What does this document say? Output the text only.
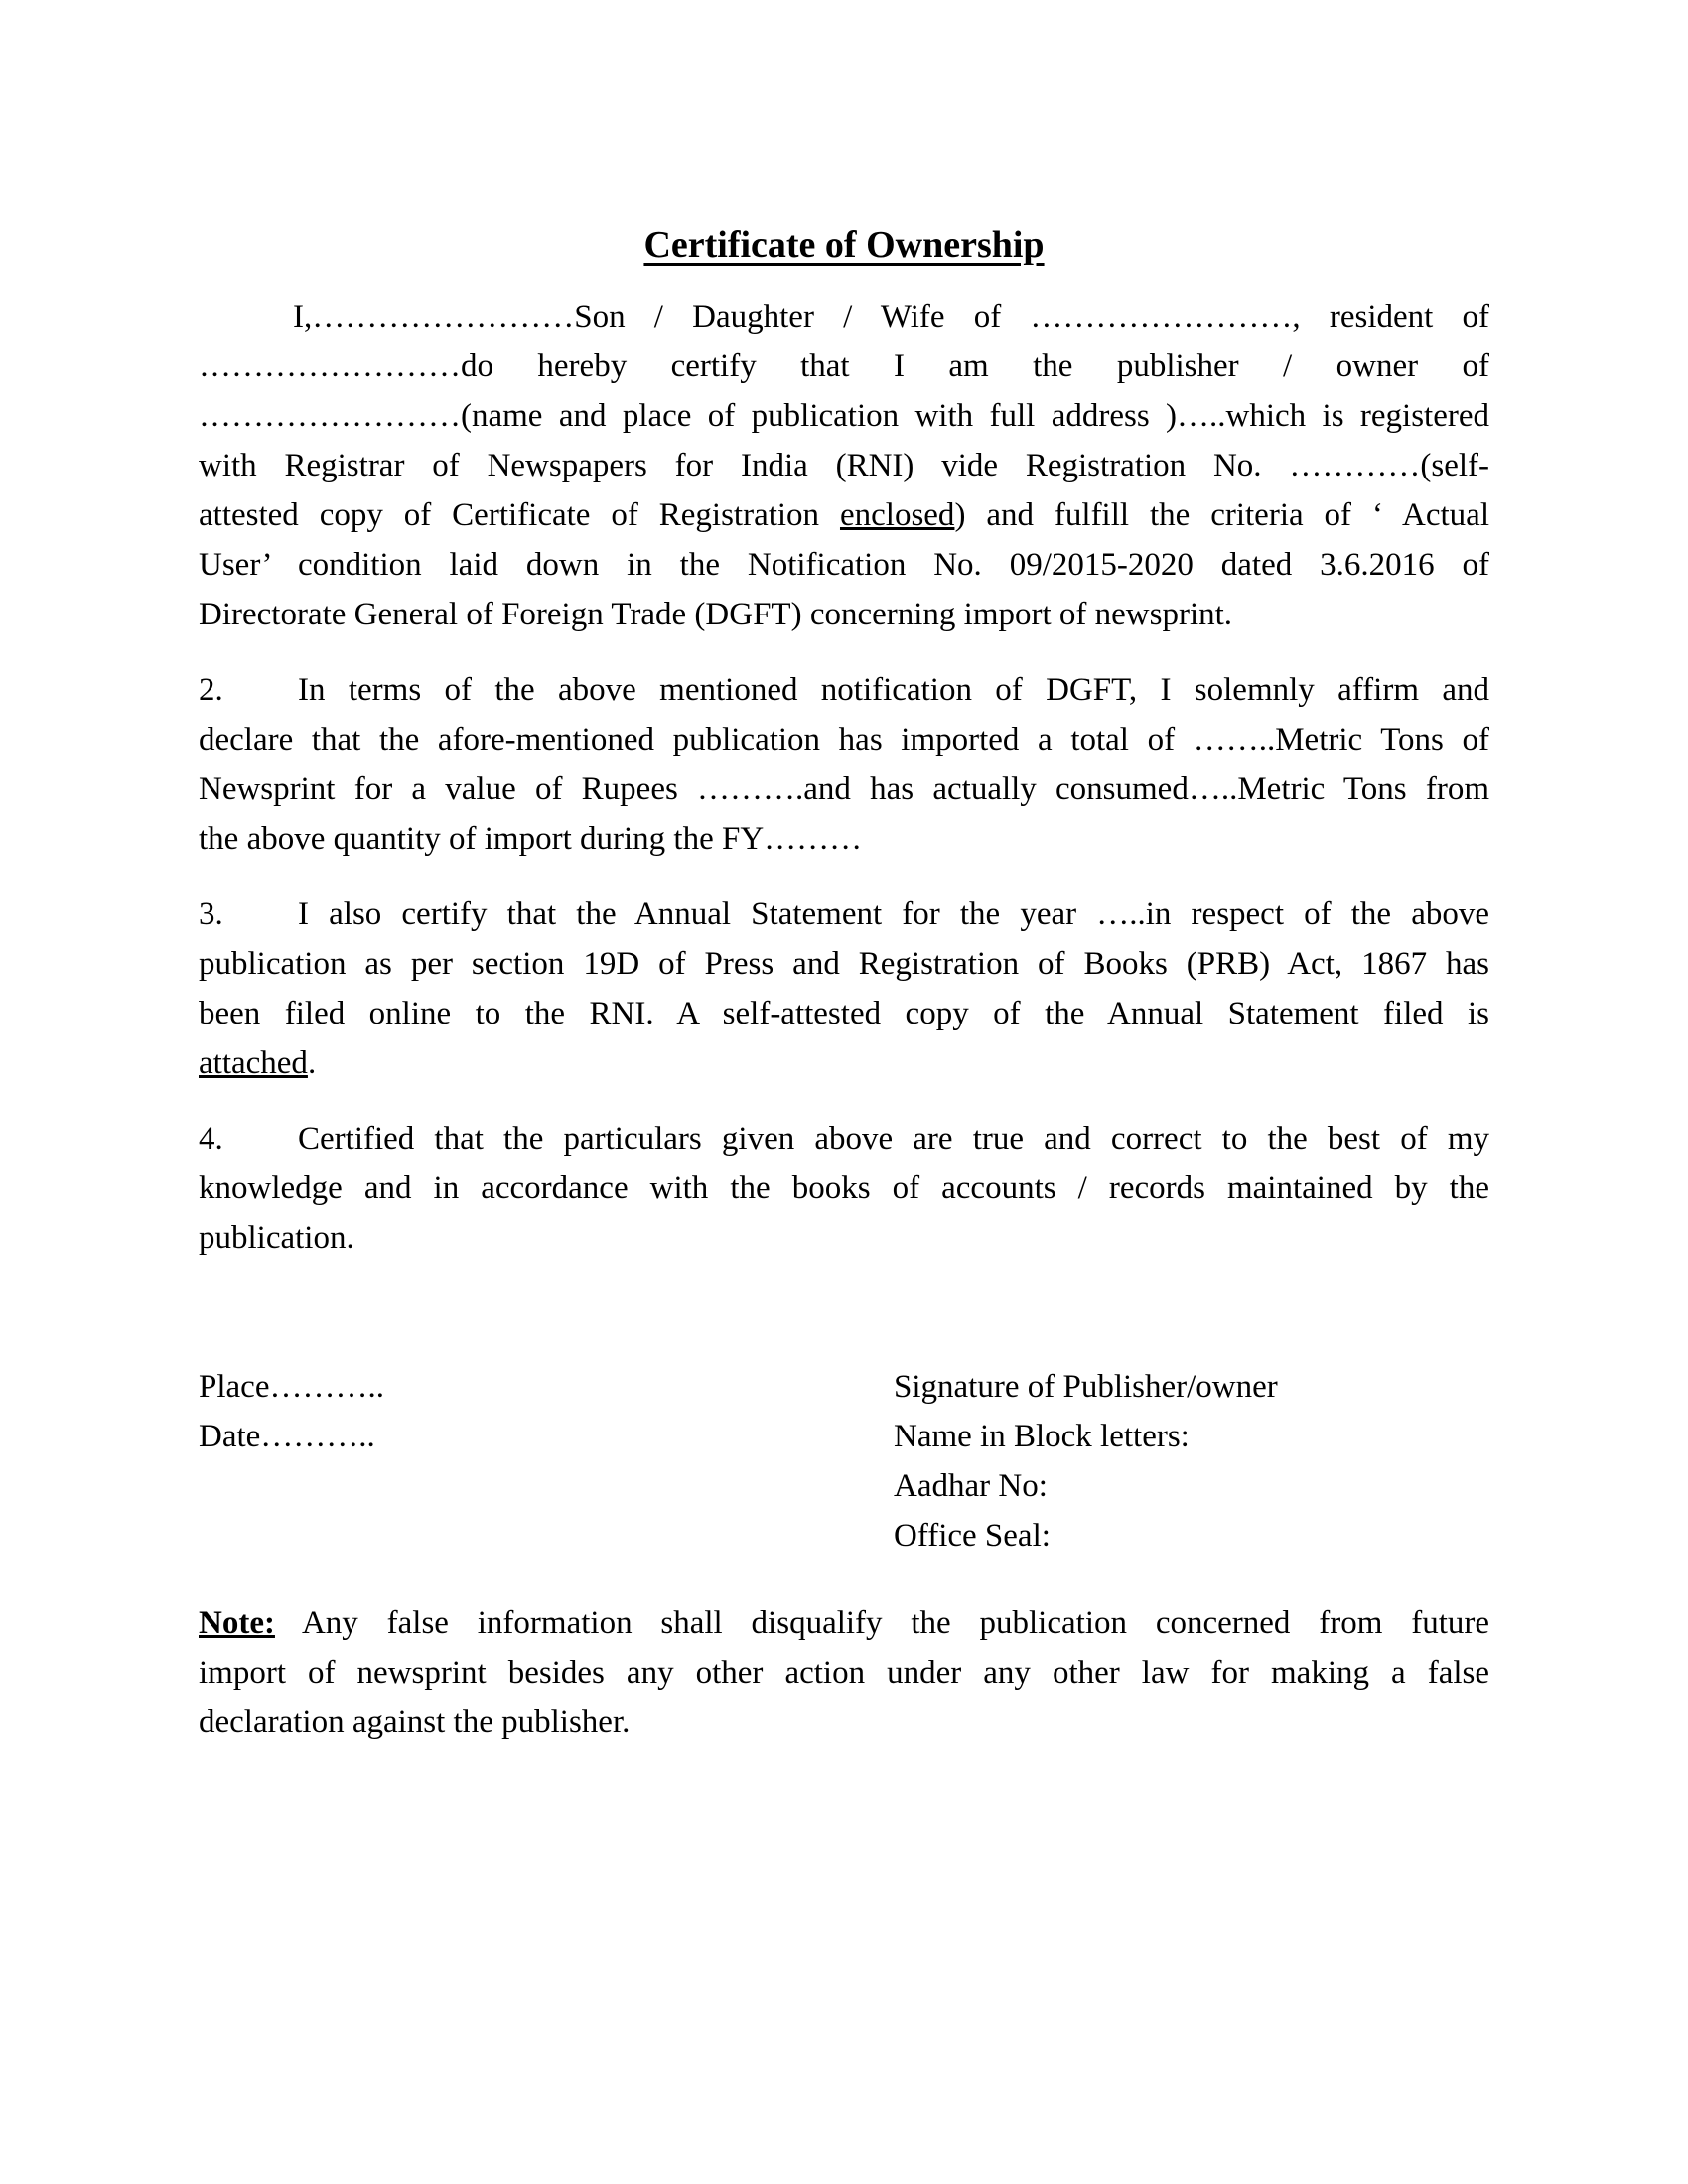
Certificate of Ownership
I,……………………Son / Daughter / Wife of ……………………, resident of
……………………do hereby certify that I am the publisher / owner of
……………………(name and place of publication with full address )…..which is registered
with Registrar of Newspapers for India (RNI) vide Registration No. …………(self-
attested copy of Certificate of Registration enclosed) and fulfill the criteria of ‘ Actual
User’ condition laid down in the Notification No. 09/2015-2020 dated 3.6.2016 of
Directorate General of Foreign Trade (DGFT) concerning import of newsprint.
2. In terms of the above mentioned notification of DGFT, I solemnly affirm and
declare that the afore-mentioned publication has imported a total of ……..Metric Tons of
Newsprint for a value of Rupees ……….and has actually consumed…..Metric Tons from
the above quantity of import during the FY………
3. I also certify that the Annual Statement for the year …..in respect of the above
publication as per section 19D of Press and Registration of Books (PRB) Act, 1867 has
been filed online to the RNI. A self-attested copy of the Annual Statement filed is
attached.
4. Certified that the particulars given above are true and correct to the best of my
knowledge and in accordance with the books of accounts / records maintained by the
publication.
Place………..
Date………..
Signature of Publisher/owner
Name in Block letters:
Aadhar No:
Office Seal:
Note: Any false information shall disqualify the publication concerned from future
import of newsprint besides any other action under any other law for making a false
declaration against the publisher.
